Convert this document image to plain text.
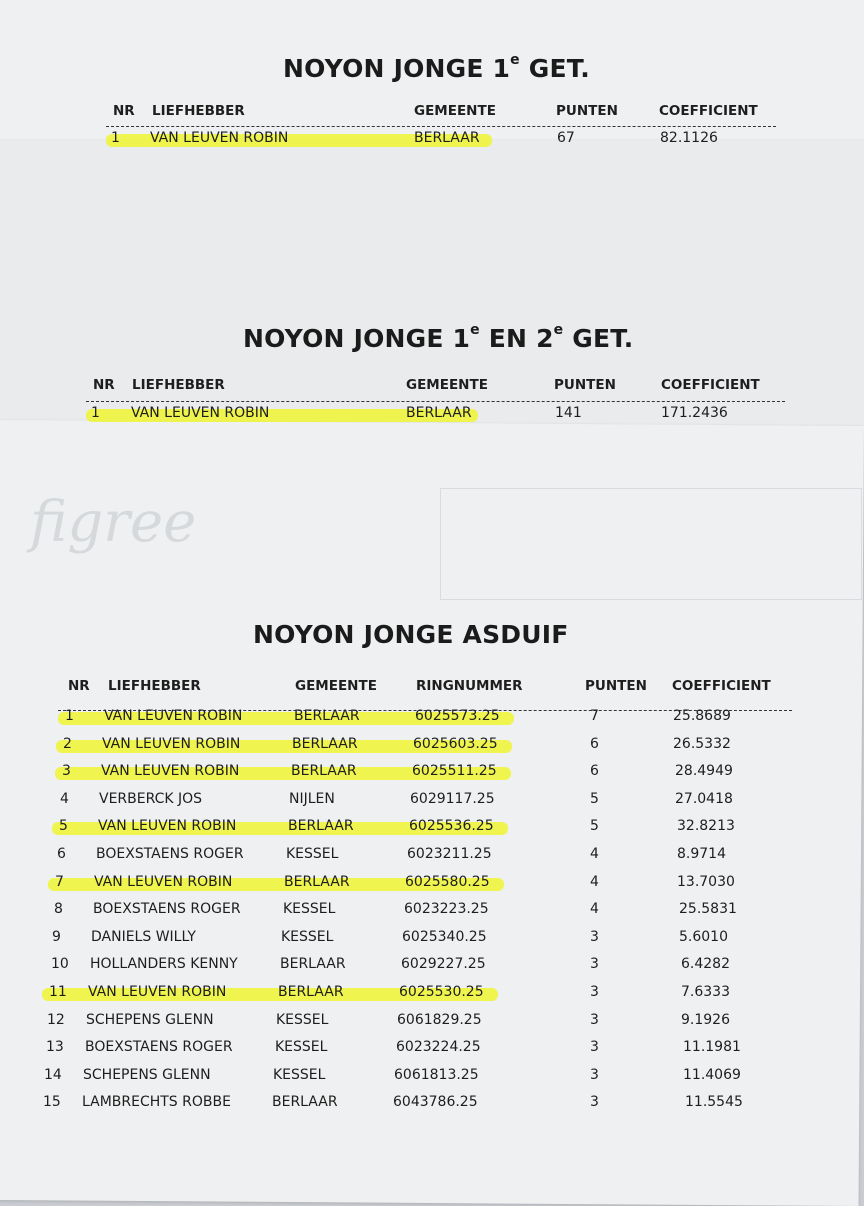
figree
NOYON JONGE 1e GET.
NR LIEFHEBBER	GEMEENTE	PUNTEN	COEFFICIENT
1 VAN LEUVEN ROBIN	BERLAAR	67	82.1126
NOYON JONGE 1e EN 2e GET.
NR LIEFHEBBER	GEMEENTE	PUNTEN	COEFFICIENT
1 VAN LEUVEN ROBIN	BERLAAR	141	171.2436
NOYON JONGE ASDUIF
NR LIEFHEBBER	GEMEENTE	RINGNUMMER	PUNTEN COEFFICIENT
1 VAN LEUVEN ROBIN	BERLAAR	6025573.25	7	25.8689
2 VAN LEUVEN ROBIN	BERLAAR	6025603.25	6	26.5332
3 VAN LEUVEN ROBIN	BERLAAR	6025511.25	6	28.4949
4 VERBERCK JOS	NIJLEN	6029117.25	5	27.0418
5 VAN LEUVEN ROBIN	BERLAAR	6025536.25	5	32.8213
6 BOEXSTAENS ROGER	KESSEL	6023211.25	4	8.9714
7 VAN LEUVEN ROBIN	BERLAAR	6025580.25	4	13.7030
8 BOEXSTAENS ROGER	KESSEL	6023223.25	4	25.5831
9 DANIELS WILLY	KESSEL	6025340.25	3	5.6010
10 HOLLANDERS KENNY	BERLAAR	6029227.25	3	6.4282
11 VAN LEUVEN ROBIN	BERLAAR	6025530.25	3	7.6333
12 SCHEPENS GLENN	KESSEL	6061829.25	3	9.1926
13 BOEXSTAENS ROGER	KESSEL	6023224.25	3	11.1981
14 SCHEPENS GLENN	KESSEL	6061813.25	3	11.4069
15 LAMBRECHTS ROBBE	BERLAAR	6043786.25	3	11.5545
